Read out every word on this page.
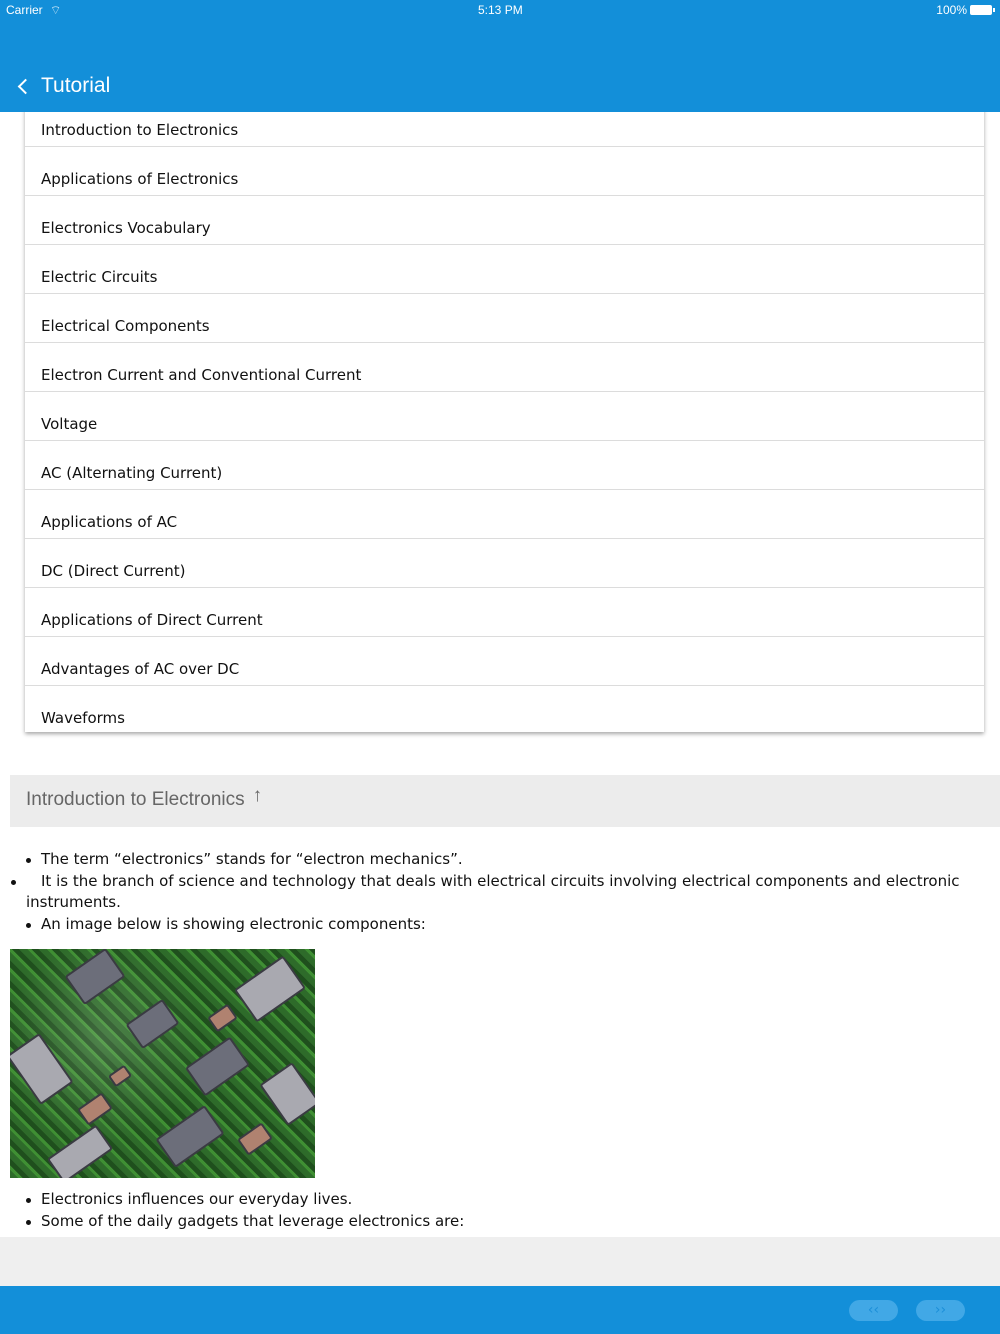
Carrier ⌔	5:13 PM	100%
Tutorial
Introduction to Electronics
Applications of Electronics
Electronics Vocabulary
Electric Circuits
Electrical Components
Electron Current and Conventional Current
Voltage
AC (Alternating Current)
Applications of AC
DC (Direct Current)
Applications of Direct Current
Advantages of AC over DC
Waveforms
Introduction to Electronics ↑
The term “electronics” stands for “electron mechanics”.
It is the branch of science and technology that deals with electrical circuits involving electrical components and electronic instruments.
An image below is showing electronic components:
Electronics influences our everyday lives.
Some of the daily gadgets that leverage electronics are:
‹‹	››
